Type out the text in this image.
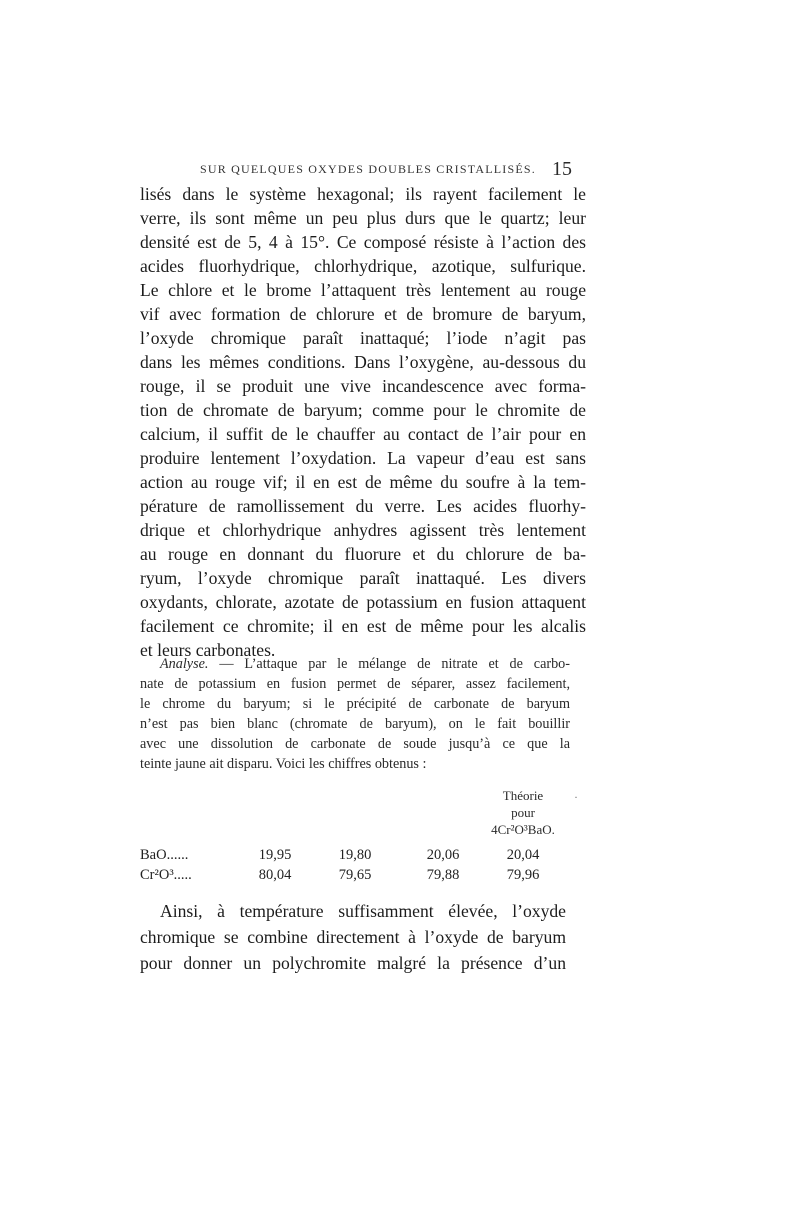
SUR QUELQUES OXYDES DOUBLES CRISTALLISÉS. 15
lisés dans le système hexagonal; ils rayent facilement le
verre, ils sont même un peu plus durs que le quartz; leur
densité est de 5, 4 à 15°. Ce composé résiste à l’action des
acides fluorhydrique, chlorhydrique, azotique, sulfurique.
Le chlore et le brome l’attaquent très lentement au rouge
vif avec formation de chlorure et de bromure de baryum,
l’oxyde chromique paraît inattaqué; l’iode n’agit pas
dans les mêmes conditions. Dans l’oxygène, au-dessous du
rouge, il se produit une vive incandescence avec forma-
tion de chromate de baryum; comme pour le chromite de
calcium, il suffit de le chauffer au contact de l’air pour en
produire lentement l’oxydation. La vapeur d’eau est sans
action au rouge vif; il en est de même du soufre à la tem-
pérature de ramollissement du verre. Les acides fluorhy-
drique et chlorhydrique anhydres agissent très lentement
au rouge en donnant du fluorure et du chlorure de ba-
ryum, l’oxyde chromique paraît inattaqué. Les divers
oxydants, chlorate, azotate de potassium en fusion attaquent
facilement ce chromite; il en est de même pour les alcalis
et leurs carbonates.
Analyse. — L’attaque par le mélange de nitrate et de carbo-
nate de potassium en fusion permet de séparer, assez facilement,
le chrome du baryum; si le précipité de carbonate de baryum
n’est pas bien blanc (chromate de baryum), on le fait bouillir
avec une dissolution de carbonate de soude jusqu’à ce que la
teinte jaune ait disparu. Voici les chiffres obtenus :
Théorie
pour
4Cr²O³BaO.
·
BaO......	19,95	19,80	20,06	20,04
Cr²O³.....	80,04	79,65	79,88	79,96
Ainsi, à température suffisamment élevée, l’oxyde
chromique se combine directement à l’oxyde de baryum
pour donner un polychromite malgré la présence d’un
